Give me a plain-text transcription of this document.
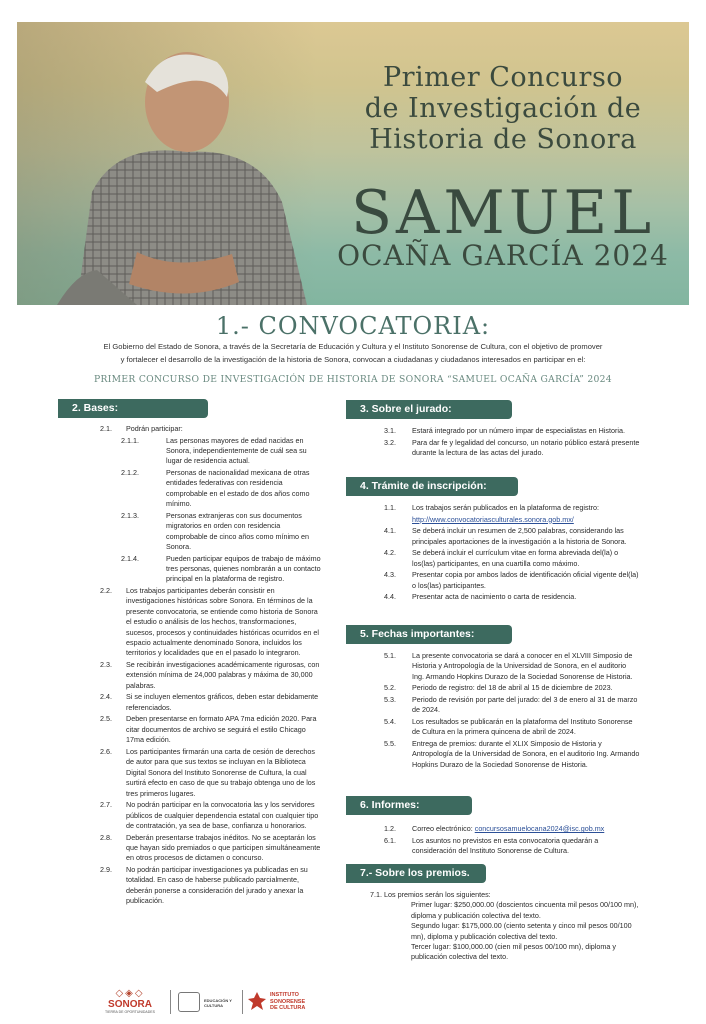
Primer Concurso
de Investigación de
Historia de Sonora
SAMUEL
OCAÑA GARCÍA 2024
1.- CONVOCATORIA:
El Gobierno del Estado de Sonora, a través de la Secretaría de Educación y Cultura y el Instituto Sonorense de Cultura, con el objetivo de promover
y fortalecer el desarrollo de la investigación de la historia de Sonora, convocan a ciudadanas y ciudadanos interesados en participar en el:
PRIMER CONCURSO DE INVESTIGACIÓN DE HISTORIA DE SONORA “SAMUEL OCAÑA GARCÍA” 2024
2. Bases:
2.1. Podrán participar:
2.1.1.	Las personas mayores de edad nacidas en Sonora, independientemente de cuál sea su lugar de residencia actual.
2.1.2.	Personas de nacionalidad mexicana de otras entidades federativas con residencia comprobable en el estado de dos años como mínimo.
2.1.3.	Personas extranjeras con sus documentos migratorios en orden con residencia comprobable de cinco años como mínimo en Sonora.
2.1.4.	Pueden participar equipos de trabajo de máximo tres personas, quienes nombrarán a un contacto principal en la plataforma de registro.
2.2. Los trabajos participantes deberán consistir en investigaciones históricas sobre Sonora. En términos de la presente convocatoria, se entiende como historia de Sonora el estudio o análisis de los hechos, transformaciones, sucesos, procesos y continuidades históricas ocurridos en el espacio actualmente denominado Sonora, incluidos los territorios y localidades que en el pasado lo integraron.
2.3. Se recibirán investigaciones académicamente rigurosas, con extensión mínima de 24,000 palabras y máxima de 30,000 palabras.
2.4. Si se incluyen elementos gráficos, deben estar debidamente referenciados.
2.5. Deben presentarse en formato APA 7ma edición 2020. Para citar documentos de archivo se seguirá el estilo Chicago 17ma edición.
2.6. Los participantes firmarán una carta de cesión de derechos de autor para que sus textos se incluyan en la Biblioteca Digital Sonora del Instituto Sonorense de Cultura, la cual surtirá efecto en caso de que su trabajo obtenga uno de los tres primeros lugares.
2.7. No podrán participar en la convocatoria las y los servidores públicos de cualquier dependencia estatal con cualquier tipo de contratación, ya sea de base, confianza u honorarios.
2.8. Deberán presentarse trabajos inéditos. No se aceptarán los que hayan sido premiados o que participen simultáneamente en otros procesos de dictamen o concurso.
2.9. No podrán participar investigaciones ya publicadas en su totalidad. En caso de haberse publicado parcialmente, deberán ponerse a consideración del jurado y anexar la publicación.
3. Sobre el jurado:
3.1. Estará integrado por un número impar de especialistas en Historia.
3.2. Para dar fe y legalidad del concurso, un notario público estará presente durante la lectura de las actas del jurado.
4. Trámite de inscripción:
1.1. Los trabajos serán publicados en la plataforma de registro:
http://www.convocatoriasculturales.sonora.gob.mx/
4.1. Se deberá incluir un resumen de 2,500 palabras, considerando las principales aportaciones de la investigación a la historia de Sonora.
4.2. Se deberá incluir el currículum vitae en forma abreviada del(la) o los(las) participantes, en una cuartilla como máximo.
4.3. Presentar copia por ambos lados de identificación oficial vigente del(la) o los(las) participantes.
4.4. Presentar acta de nacimiento o carta de residencia.
5. Fechas importantes:
5.1. La presente convocatoria se dará a conocer en el XLVIII Simposio de Historia y Antropología de la Universidad de Sonora, en el auditorio Ing. Armando Hopkins Durazo de la Sociedad Sonorense de Historia.
5.2. Periodo de registro: del 18 de abril al 15 de diciembre de 2023.
5.3. Periodo de revisión por parte del jurado: del 3 de enero al 31 de marzo de 2024.
5.4. Los resultados se publicarán en la plataforma del Instituto Sonorense de Cultura en la primera quincena de abril de 2024.
5.5. Entrega de premios: durante el XLIX Simposio de Historia y Antropología de la Universidad de Sonora, en el auditorio Ing. Armando Hopkins Durazo de la Sociedad Sonorense de Historia.
6. Informes:
1.2. Correo electrónico: concursosamuelocana2024@isc.gob.mx
6.1. Los asuntos no previstos en esta convocatoria quedarán a consideración del Instituto Sonorense de Cultura.
7.- Sobre los premios.
7.1. Los premios serán los siguientes:
Primer lugar: $250,000.00 (doscientos cincuenta mil pesos 00/100 mn), diploma y publicación colectiva del texto.
Segundo lugar: $175,000.00 (ciento setenta y cinco mil pesos 00/100 mn), diploma y publicación colectiva del texto.
Tercer lugar: $100,000.00 (cien mil pesos 00/100 mn), diploma y publicación colectiva del texto.
◇◈◇
SONORA
TIERRA DE OPORTUNIDADES
EDUCACIÓN Y CULTURA
INSTITUTO
SONORENSE
DE CULTURA
